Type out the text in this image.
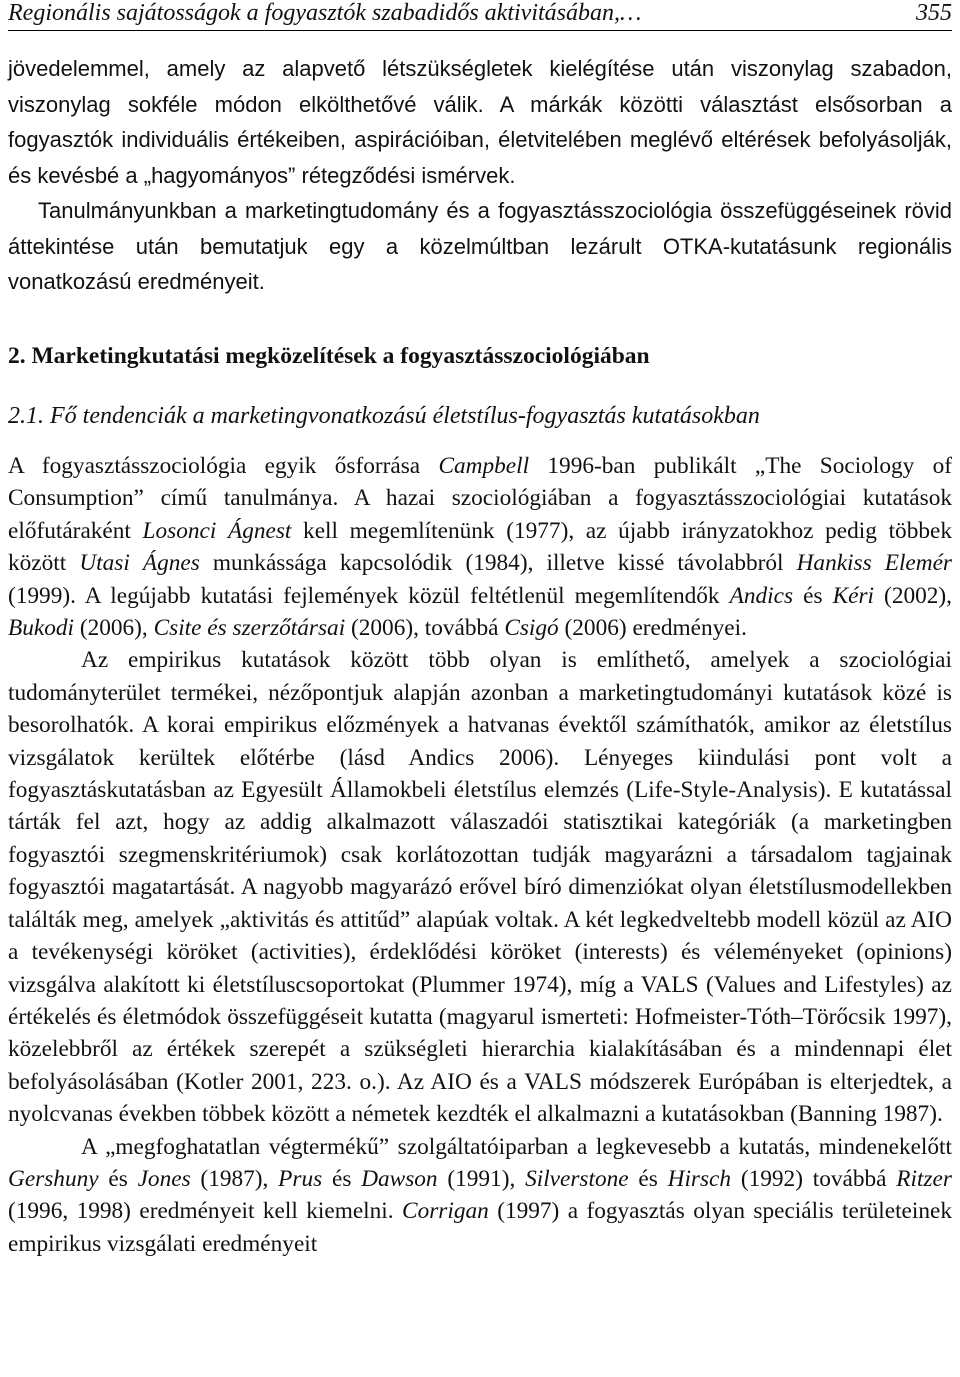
Regionális sajátosságok a fogyasztók szabadidős aktivitásában,…	355

jövedelemmel, amely az alapvető létszükségletek kielégítése után viszonylag szabadon, viszonylag sokféle módon elkölthetővé válik. A márkák közötti választást elsősorban a fogyasztók individuális értékeiben, aspirációiban, életvitelében meglévő eltérések befolyásolják, és kevésbé a „hagyományos” rétegződési ismérvek.

Tanulmányunkban a marketingtudomány és a fogyasztásszociológia összefüggéseinek rövid áttekintése után bemutatjuk egy a közelmúltban lezárult OTKA-kutatásunk regionális vonatkozású eredményeit.

2. Marketingkutatási megközelítések a fogyasztásszociológiában
2.1. Fő tendenciák a marketingvonatkozású életstílus-fogyasztás kutatásokban

A fogyasztásszociológia egyik ősforrása Campbell 1996-ban publikált „The Sociology of Consumption” című tanulmánya. A hazai szociológiában a fogyasztásszociológiai kutatások előfutáraként Losonci Ágnest kell megemlítenünk (1977), az újabb irányzatokhoz pedig többek között Utasi Ágnes munkássága kapcsolódik (1984), illetve kissé távolabbról Hankiss Elemér (1999). A legújabb kutatási fejlemények közül feltétlenül megemlítendők Andics és Kéri (2002), Bukodi (2006), Csite és szerzőtársai (2006), továbbá Csigó (2006) eredményei.

Az empirikus kutatások között több olyan is említhető, amelyek a szociológiai tudományterület termékei, nézőpontjuk alapján azonban a marketingtudományi kutatások közé is besorolhatók. A korai empirikus előzmények a hatvanas évektől számíthatók, amikor az életstílus vizsgálatok kerültek előtérbe (lásd Andics 2006). Lényeges kiindulási pont volt a fogyasztáskutatásban az Egyesült Államokbeli életstílus elemzés (Life-Style-Analysis). E kutatással tárták fel azt, hogy az addig alkalmazott válaszadói statisztikai kategóriák (a marketingben fogyasztói szegmenskritériumok) csak korlátozottan tudják magyarázni a társadalom tagjainak fogyasztói magatartását. A nagyobb magyarázó erővel bíró dimenziókat olyan életstílusmodellekben találták meg, amelyek „aktivitás és attitűd” alapúak voltak. A két legkedveltebb modell közül az AIO a tevékenységi köröket (activities), érdeklődési köröket (interests) és véleményeket (opinions) vizsgálva alakított ki életstíluscsoportokat (Plummer 1974), míg a VALS (Values and Lifestyles) az értékelés és életmódok összefüggéseit kutatta (magyarul ismerteti: Hofmeister-Tóth–Törőcsik 1997), közelebbről az értékek szerepét a szükségleti hierarchia kialakításában és a mindennapi élet befolyásolásában (Kotler 2001, 223. o.). Az AIO és a VALS módszerek Európában is elterjedtek, a nyolcvanas években többek között a németek kezdték el alkalmazni a kutatásokban (Banning 1987).

A „megfoghatatlan végtermékű” szolgáltatóiparban a legkevesebb a kutatás, mindenekelőtt Gershuny és Jones (1987), Prus és Dawson (1991), Silverstone és Hirsch (1992) továbbá Ritzer (1996, 1998) eredményeit kell kiemelni. Corrigan (1997) a fogyasztás olyan speciális területeinek empirikus vizsgálati eredményeit
